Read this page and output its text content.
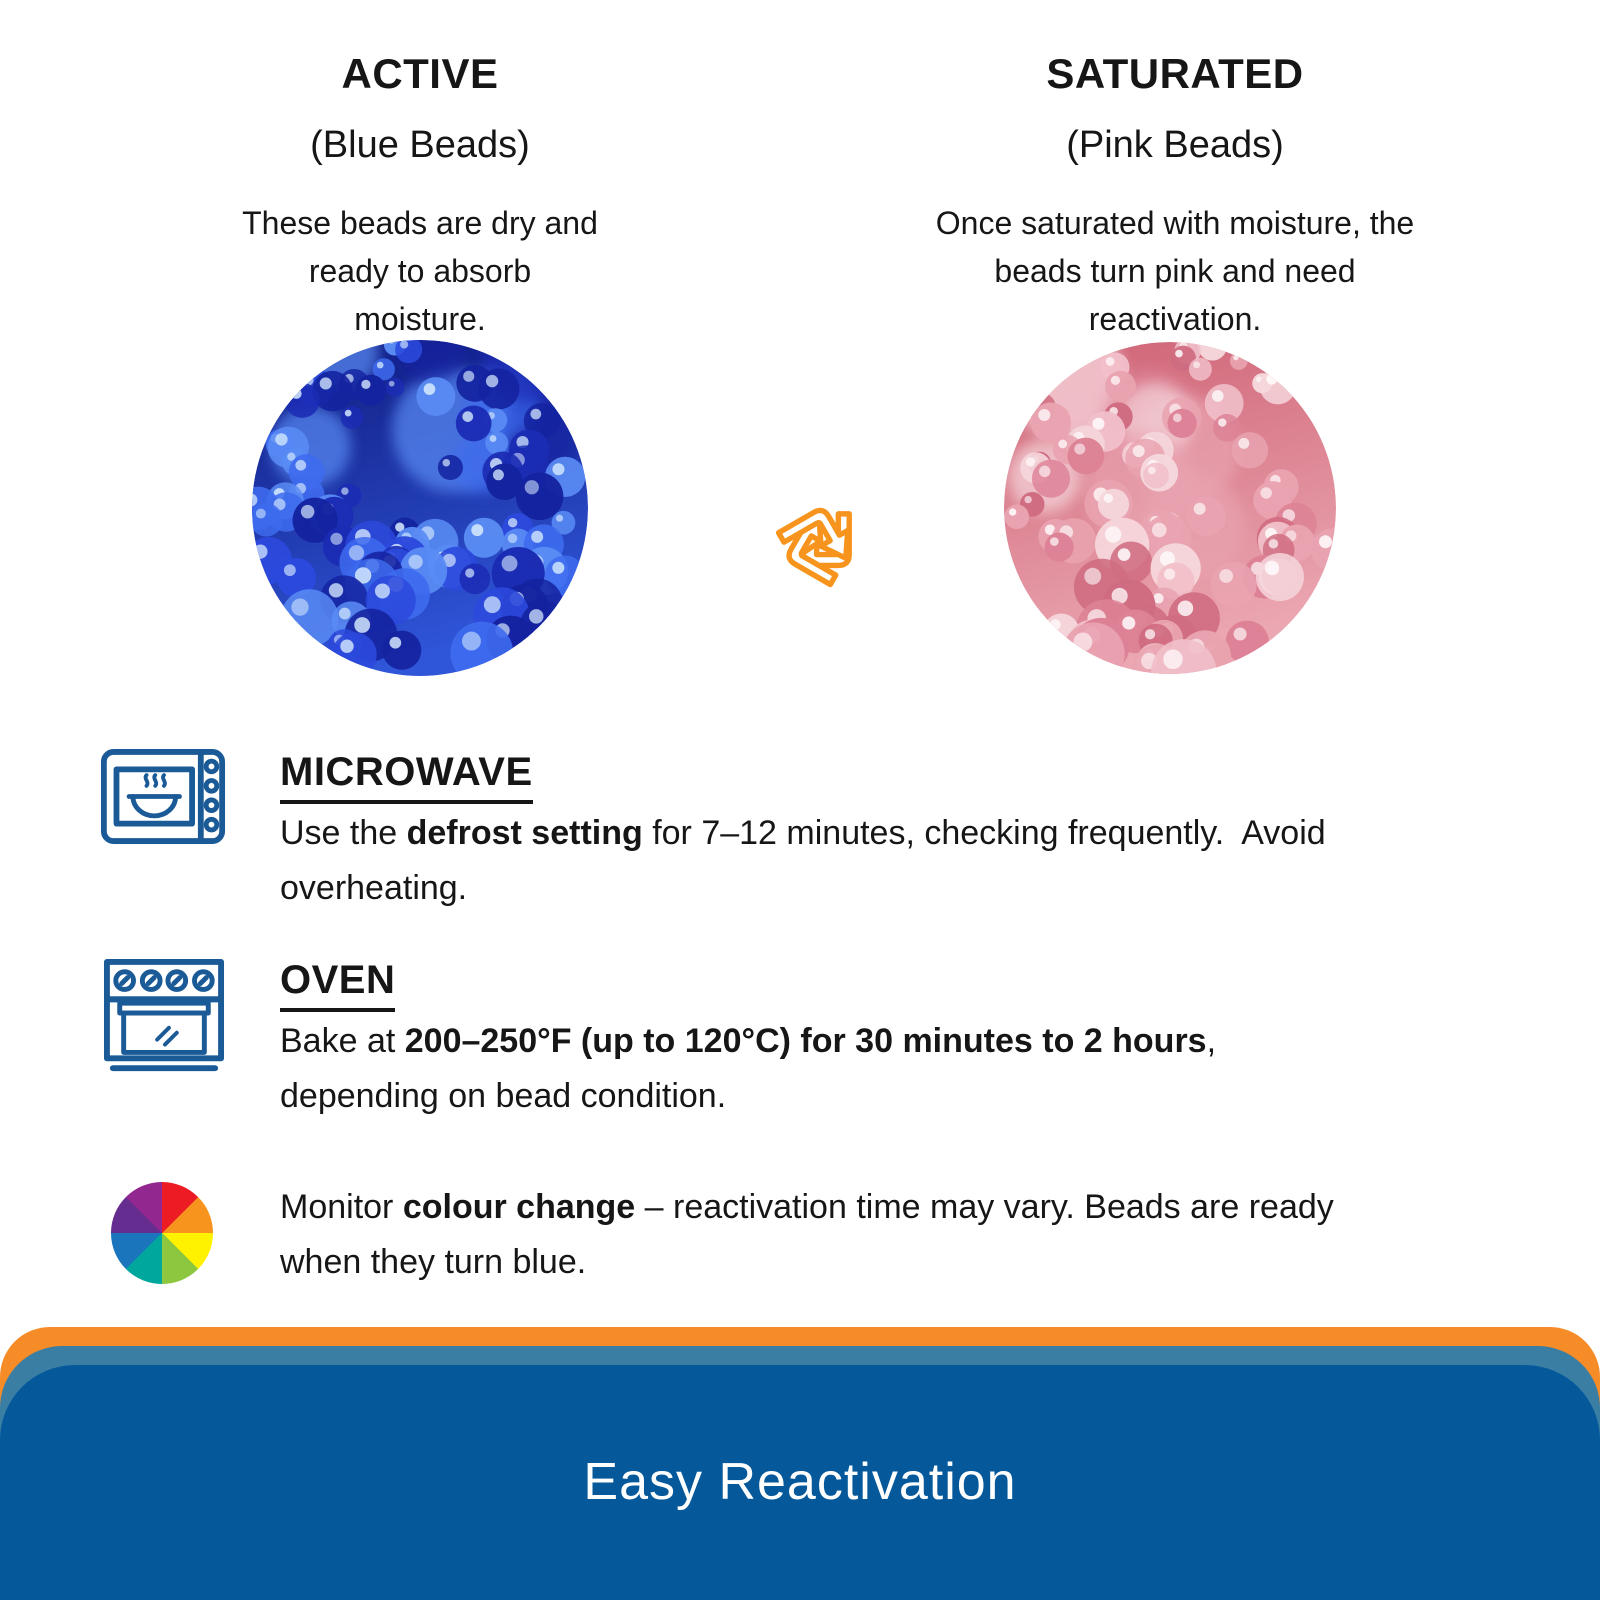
ACTIVE
(Blue Beads)
These beads are dry and
ready to absorb
moisture.
SATURATED
(Pink Beads)
Once saturated with moisture, the
beads turn pink and need
reactivation.
MICROWAVE
Use the defrost setting for 7–12 minutes, checking frequently.  Avoid
overheating.
OVEN
Bake at 200–250°F (up to 120°C) for 30 minutes to 2 hours,
depending on bead condition.
Monitor colour change – reactivation time may vary. Beads are ready
when they turn blue.
Easy Reactivation
